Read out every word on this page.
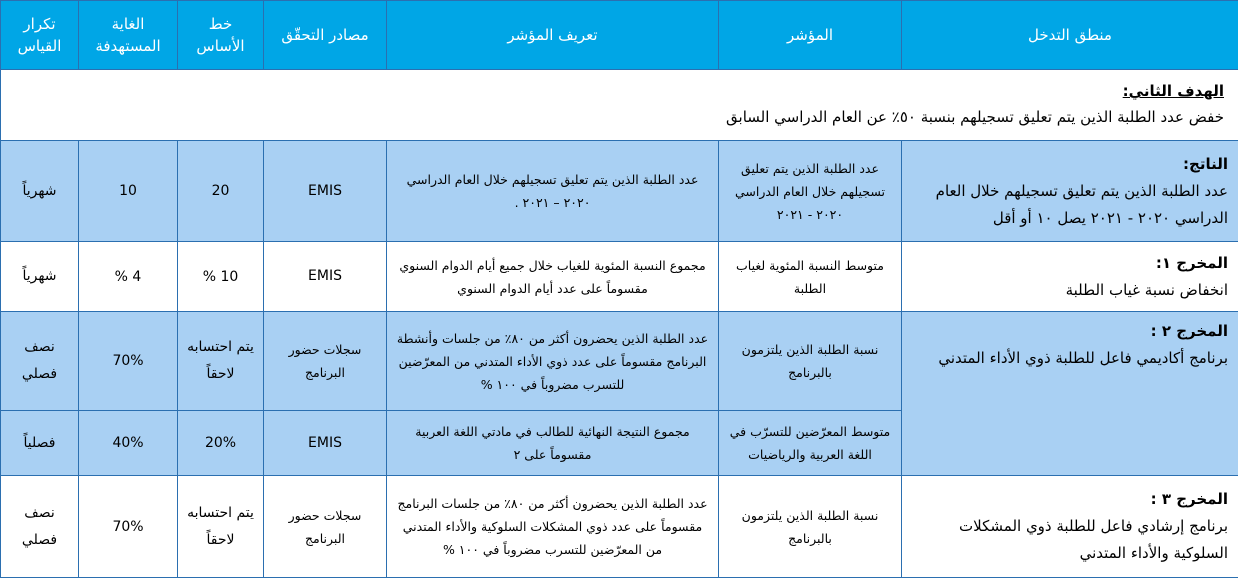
منطق التدخل	المؤشر	تعريف المؤشر	مصادر التحقّق	خط الأساس	الغاية المستهدفة	تكرار القياس

الهدف الثاني:
خفض عدد الطلبة الذين يتم تعليق تسجيلهم بنسبة ٥٠٪ عن العام الدراسي السابق						

الناتج:
عدد الطلبة الذين يتم تعليق تسجيلهم خلال العام الدراسي ٢٠٢٠ - ٢٠٢١ يصل ١٠ أو أقل	عدد الطلبة الذين يتم تعليق تسجيلهم خلال العام الدراسي ٢٠٢٠ - ٢٠٢١	عدد الطلبة الذين يتم تعليق تسجيلهم خلال العام الدراسي ٢٠٢٠ – ٢٠٢١ .	EMIS	20	10	شهرياً

المخرج ١:
انخفاض نسبة غياب الطلبة	متوسط النسبة المئوية لغياب الطلبة	مجموع النسبة المئوية للغياب خلال جميع أيام الدوام السنوي مقسوماً على عدد أيام الدوام السنوي	EMIS	10 %	4 %	شهرياً

المخرج ٢ :
برنامج أكاديمي فاعل للطلبة ذوي الأداء المتدني	نسبة الطلبة الذين يلتزمون بالبرنامج	عدد الطلبة الذين يحضرون أكثر من ٨٠٪ من جلسات وأنشطة البرنامج مقسوماً على عدد ذوي الأداء المتدني من المعرّضين للتسرب مضروباً في ١٠٠ %	سجلات حضور البرنامج	يتم احتسابه لاحقاً	70%	نصف فصلي
	متوسط المعرّضين للتسرّب في اللغة العربية والرياضيات	مجموع النتيجة النهائية للطالب في مادتي اللغة العربية مقسوماً على ٢	EMIS	20%	40%	فصلياً

المخرج ٣ :
برنامج إرشادي فاعل للطلبة ذوي المشكلات السلوكية والأداء المتدني	نسبة الطلبة الذين يلتزمون بالبرنامج	عدد الطلبة الذين يحضرون أكثر من ٨٠٪ من جلسات البرنامج مقسوماً على عدد ذوي المشكلات السلوكية والأداء المتدني من المعرّضين للتسرب مضروباً في ١٠٠ %	سجلات حضور البرنامج	يتم احتسابه لاحقاً	70%	نصف فصلي
